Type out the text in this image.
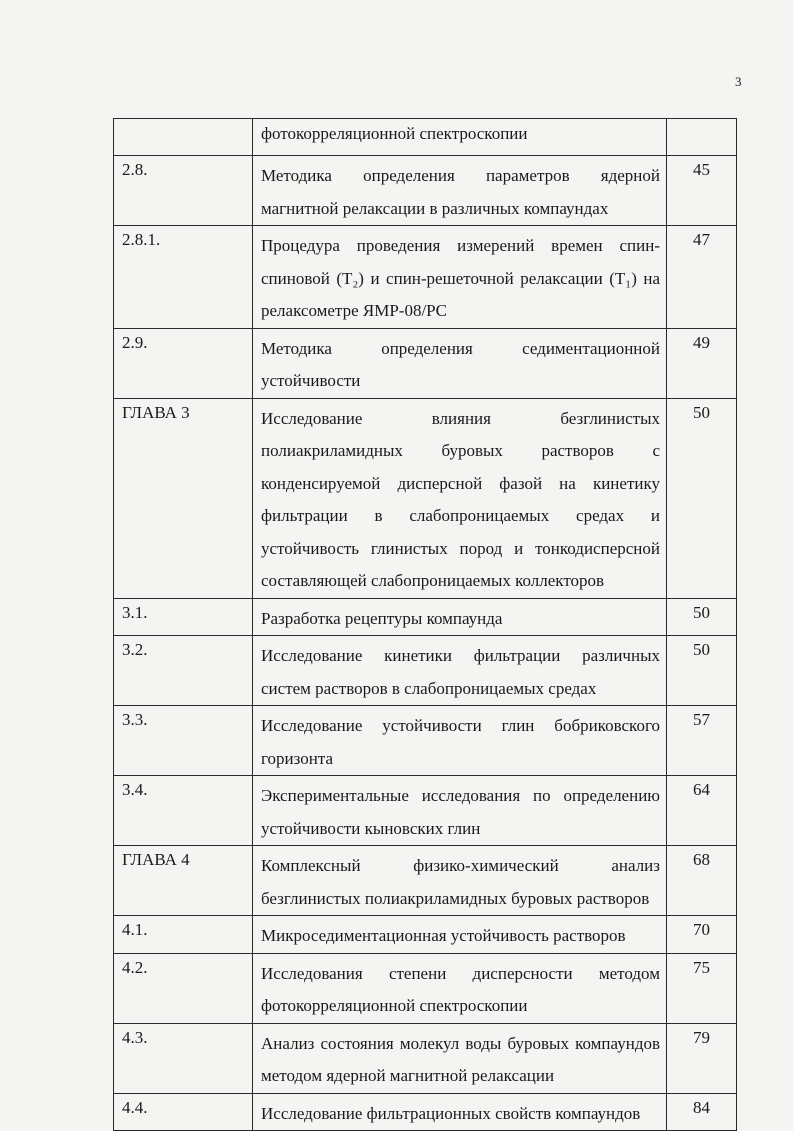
3

	фотокорреляционной спектроскопии	

2.8.	Методика определения параметров ядерной магнитной релаксации в различных компаундах	45
2.8.1.	Процедура проведения измерений времен спин-спиновой (T₂) и спин-решеточной релаксации (T₁) на релаксометре ЯМР-08/PC	47
2.9.	Методика определения седиментационной устойчивости	49
ГЛАВА 3	Исследование влияния безглинистых полиакриламидных буровых растворов с конденсируемой дисперсной фазой на кинетику фильтрации в слабопроницаемых средах и устойчивость глинистых пород и тонкодисперсной составляющей слабопроницаемых коллекторов	50
3.1.	Разработка рецептуры компаунда	50
3.2.	Исследование кинетики фильтрации различных систем растворов в слабопроницаемых средах	50
3.3.	Исследование устойчивости глин бобриковского горизонта	57
3.4.	Экспериментальные исследования по определению устойчивости кыновских глин	64
ГЛАВА 4	Комплексный физико-химический анализ безглинистых полиакриламидных буровых растворов	68
4.1.	Микроседиментационная устойчивость растворов	70
4.2.	Исследования степени дисперсности методом фотокорреляционной спектроскопии	75
4.3.	Анализ состояния молекул воды буровых компаундов методом ядерной магнитной релаксации	79
4.4.	Исследование фильтрационных свойств компаундов	84
